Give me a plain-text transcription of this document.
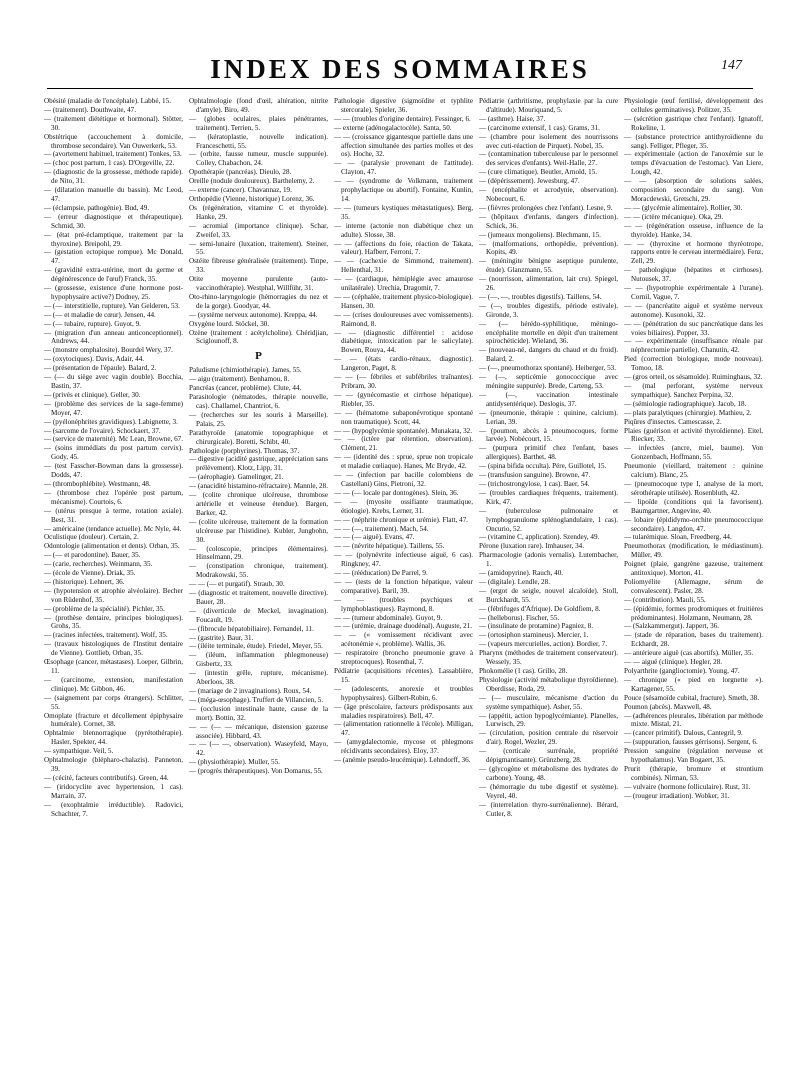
INDEX DES SOMMAIRES	147

Obésité (maladie de l'encéphale). Labbé, 15.

— (traitement). Douthwaite, 47.

— (traitement diététique et hormonal). Stötter, 30.

Obstétrique (accouchement à domicile, thrombose secondaire). Van Ouwerkerk, 53.

— (avortement habituel, traitement) Tonkes, 53.

— (choc post partum, 1 cas). D'Orgeville, 22.

— (diagnostic de la grossesse, méthode rapide). de Nito, 31.

— (dilatation manuelle du bassin). Mc Leod, 47.

— (éclampsie, pathogénie). Bud, 49.

— (erreur diagnostique et thérapeutique). Schmid, 30.

— (état pré-éclamptique, traitement par la thyroxine). Breipohl, 29.

— (gestation ectopique rompue). Mc Donald, 47.

— (gravidité extra-utérine, mort du germe et dégénérescence de l'œuf) Franck, 35.

— (grossesse, existence d'une hormone post-hypophysaire active?) Dodney, 25.

— (— interstitielle, rupture). Van Gelderen, 53.

— (— et maladie de cœur). Jensen, 44.

— (— tubaire, rupture). Guyot, 9.

— (migration d'un anneau anticonceptionnel). Andrews, 44.

— (monstre omphalosite). Bourdel Wery, 37.

— (oxytociques). Davis, Adair, 44.

— (présentation de l'épaule). Balard, 2.

— (— du siège avec vagin double). Bocchia, Bastin, 37.

— (privés et clinique). Geller, 30.

— (problème des services de la sage-femme) Moyer, 47.

— (pyélonéphrites gravidiques). Labignette, 3.

— (sarcome de l'ovaire). Schockaert, 37.

— (service de maternité). Mc Lean, Browne, 67.

— (soins immédiats du post partum cervix). Gody, 45.

— (test Fasscher-Bowman dans la grossesse). Dodds, 47.

— (thrombophlébite). Westmann, 48.

— (thrombose chez l'opérée post partum, mécanisme). Courtois, 6.

— (utérus presque à terme, rotation axiale). Best, 31.

— américaine (tendance actuelle). Mc Nyle, 44.

Oculistique (douleur). Certain, 2.

Odontologie (alimentation et dents). Orban, 35.

— (— et parodontine). Bauer, 35.

— (carie, recherches). Weinmann, 35.

— (école de Vienne). Driak, 35.

— (historique). Lehnert, 36.

— (hypotension et atrophie alvéolaire). Becher von Rüdenhof, 35.

— (problème de la spécialité). Pichler, 35.

— (prothèse dentaire, principes biologiques). Grohs, 35.

— (racines infectées, traitement). Wolf, 35.

— (travaux histologiques de l'Institut dentaire de Vienne). Gottlieb, Orban, 35.

Œsophage (cancer, métastases). Loeper, Gilbrin, 11.

— (carcinome, extension, manifestation clinique). Mc Gibbon, 46.

— (saignement par corps étrangers). Schlitter, 55.

Omoplate (fracture et décollement épiphysaire humérale). Cornet, 38.

Ophtalmie blennorragique (pyrétothérapie). Hasler, Spekter, 44.

— sympathique. Veil, 5.

Ophtalmologie (blépharo-chalazis). Panneton, 39.

— (cécité, facteurs contributifs). Green, 44.

— (iridocyclite avec hypertension, 1 cas). Marrain, 37.

— (exophtalmie irréductible). Radovici, Schachter, 7.

Ophtalmologie (fond d'œil, altération, nitrite d'amyle). Biro, 49.

— (globes oculaires, plaies pénétrantes, traitement). Terrien, 5.

— (kératoplastie, nouvelle indication). Franceschetti, 55.

— (orbite, fausse tumeur, muscle suppurée). Colley, Chabachon, 24.

Opothérapie (pancréas). Dieulo, 28.

Oreille (nodule douloureux). Barthelemy, 2.

— externe (cancer). Chavannaz, 19.

Orthopédie (Vienne, historique) Lorenz, 36.

Os (régénération, vitamine C et thyroïde). Hanke, 29.

— acromial (importance clinique). Schar, Zweifel, 33.

— semi-lunaire (luxation, traitement). Steiner, 55.

Ostéite fibreuse généralisée (traitement). Tinpe, 33.

Otite moyenne purulente (auto-vaccinothérapie). Westphal, Willführ, 31.

Oto-rhino-laryngologie (hémorragies du nez et de la gorge). Goodyar, 44.

— (système nerveux autonome). Kreppa, 44.

Oxygène lourd. Stöckel, 30.

Ozène (traitement : acétylcholine). Chéridjian, Sciglounoff, 8.

P

Paludisme (chimiothérapie). James, 55.

— aigu (traitement). Benhamou, 8.

Pancréas (cancer, problème). Clute, 44.

Parasitologie (nématodes, thérapie nouvelle, cas). Challamel, Chantriot, 6.

— (recherches sur les souris à Marseille). Palais, 25.

Parathyroïde (anatomie topographique et chirurgicale). Boretti, Schibt, 40.

Pathologie (porphyrines). Thomas, 37.

— digestive (acidité gastrique, appréciation sans prélèvement). Klotz, Lipp, 31.

— (aérophagie). Gamelinger, 21.

— (anacidité histamino-réfractaire). Mannle, 28.

— (colite chronique ulcéreuse, thrombose artérielle et veineuse étendue). Bargen, Barker, 42.

— (colite ulcéreuse, traitement de la formation ulcéreuse par l'histidine). Kubler, Jungbohn, 30.

— (coloscopie, principes élémentaires). Hinselmann, 29.

— (constipation chronique, traitement). Modrakowski, 55.

— — (— et purgatif). Straub, 30.

— (diagnostic et traitement, nouvelle directive). Bauer, 28.

— (diverticule de Meckel, invagination). Foucault, 19.

— (fibrocule hépatobiliaire). Fernandel, 11.

— (gastrite). Baur, 31.

— (iléite terminale, étude). Friedel, Meyer, 55.

— (iléum, inflammation phlegmoneuse) Gisbertz, 33.

— (intestin grêle, rupture, mécanisme). Aberloos, 38.

— (mariage de 2 invaginations). Roux, 54.

— (méga-œsophage). Truffert de Villancien, 5.

— (occlusion intestinale haute, cause de la mort). Bottin, 32.

— — (— — mécanique, distension gazeuse associée). Hibbard, 43.

— — (— —, observation). Waseyfeld, Mayo, 42.

— (physiothérapie). Muller, 55.

— (progrès thérapeutiques). Von Domarus, 55.

Pathologie digestive (sigmoïdite et typhlite stercorale). Spieler, 36.

— — (troubles d'origine dentaire). Fessinger, 6.

— externe (adénogalactocèle). Santa, 50.

— — (croissance gigantesque partielle dans une affection simultanée des parties molles et des os). Hoche, 32.

— — (paralysie provenant de l'attitude). Clayton, 47.

— — (syndrome de Volkmann, traitement prophylactique ou abortif). Fontaine, Kunlin, 14.

— — (tumeurs kystiques métastatiques). Berg, 35.

— interne (actonie non diabétique chez un adulte). Slosse, 38.

— — (affections du foie, réaction de Takata, valeur). Hafberr, Ferroni, 7.

— — (cachexie de Simmond, traitement). Hellenthal, 31.

— — (cardiaque, hémiplégie avec amaurose unilatérale). Urechia, Dragomir, 7.

— — (céphalée, traitement physico-biologique). Hansen, 30.

— — (crises douloureuses avec vomissements). Raimond, 8.

— — (diagnostic différentiel : acidose diabétique, intoxication par le salicylate). Bowen, Rouya, 44.

— — (états cardio-rénaux, diagnostic). Langeron, Paget, 8.

— — (— fébriles et subfébriles traînantes). Pribram, 30.

— — (gynécomastie et cirrhose hépatique). Riebler, 35.

— — (hématome subaponévrotique spontané non traumatique). Scott, 44.

— — (hypoglycémie spontanée). Munakata, 32.

— — (ictère par rétention, observation). Clément, 21.

— — (identité des : sprue, sprue non tropicale et maladie cœliaque). Hanes, Mc Bryde, 42.

— — (infection par bacille colombiens de Castellani) Gins, Pietroni, 32.

— — (— locale par dontogènes). Slein, 36.

— — (myosite ossifiante traumatique, étiologie). Krebs, Lerner, 31.

— — (néphrite chronique et urémie). Flatt, 47.

— — (—, traitement). Mach, 54.

— — (— aiguë). Evans, 47.

— — (névrite hépatique). Taillens, 55.

— — (polynévrite infectieuse aiguë, 6 cas). Ringkney, 47.

— — (rééducation) De Parrel, 9.

— — (tests de la fonction hépatique, valeur comparative). Baril, 39.

— — (troubles psychiques et lymphoblastiques). Raymond, 8.

— — (tumeur abdominale). Guyot, 9.

— — (urémie, drainage duodénal). Auguste, 21.

— — (« vomissement récidivant avec acétonémie », problème). Wallis, 36.

— respiratoire (broncho pneumonie grave à streptocoques). Rosenthal, 7.

Pédiatrie (acquisitions récentes). Lassablière, 15.

— (adolescents, anorexie et troubles hypophysaires). Gilbert-Robin, 6.

— (âge préscolaire, facteurs prédisposants aux maladies respiratoires). Bell, 47.

— (alimentation rationnelle à l'école). Milligan, 47.

— (amygdalectomie, mycose et phlegmons récidivants secondaires). Eloy, 37.

— (anémie pseudo-leucémique). Lehndorff, 36.

Pédiatrie (arthritisme, prophylaxie par la cure d'altitude). Mouriquand, 5.

— (asthme). Haise, 37.

— (carcinome extensif, 1 cas). Grams, 31.

— (chambre pour isolement des nourrissons avec cuti-réaction de Pirquet). Nobel, 35.

— (contamination tuberculeuse par le personnel des services d'enfants). Weil-Halle, 27.

— (cure climatique). Beutler, Arnold, 15.

— (dépérissement). Jewesburg, 47.

— (encéphalite et acrodynie, observation). Nobecourt, 6.

— (fièvres prolongées chez l'enfant). Lesne, 9.

— (hôpitaux d'enfants, dangers d'infection). Schick, 36.

— (jumeaux mongoliens). Blechmann, 15.

— (malformations, orthopédie, prévention). Kopits, 49.

— (méningite bénigne aseptique purulente, étude). Glanzmann, 55.

— (nourrisson, alimentation, lait cru). Spiegel, 26.

— (—, —, troubles digestifs). Taillens, 54.

— (—, troubles digestifs, période estivale). Gironde, 3.

— (— hérédo-syphilitique, méningo-encéphalite mortelle en dépit d'un traitement spirochéticide). Wieland, 36.

— (nouveau-né, dangers du chaud et du froid). Balard, 2.

— (—, pneumothorax spontané). Heiberger, 53.

— (—, septicémie gonococcique avec méningite suppurée). Brede, Carteng, 53.

— (—, vaccination intestinale antidysentérique). Deslogis, 37.

— (pneumonie, thérapie : quinine, calcium). Lerian, 39.

— (poumon, abcès à pneumocoques, forme larvée). Nobécourt, 15.

— (purpura primitif chez l'enfant, bases allergiques). Barthet, 48.

— (spina bifida occulta). Pére, Guillotel, 15.

— (transfusion sanguine). Browne, 47.

— (trichostrongylose, 1 cas). Baer, 54.

— (troubles cardiaques fréquents, traitement). Kirk, 47.

— (tuberculose pulmonaire et lymphogranulome splénoglandulaire, 1 cas). Oncurio, 52.

— (vitamine C, application). Szendey, 49.

Pérone (luxation rare). Imhauser, 34.

Pharmacologie (adonis vernalis). Lutembacher, 1.

— (amidopyrine). Rauch, 40.

— (digitale). Lendle, 28.

— (ergot de seigle, nouvel alcaloïde). Stoll, Burckhardt, 55.

— (fébrifuges d'Afrique). De Goldfiem, 8.

— (helleborus). Fischer, 55.

— (insulinate de protamine) Pagniez, 8.

— (ortosiphon stamineus). Mercier, 1.

— (vapeurs mercurielles, action). Bordier, 7.

Pharynx (méthodes de traitement conservateur). Wessely, 35.

Phokomélie (1 cas). Grillo, 28.

Physiologie (activité métabolique thyroïdienne). Oberdisse, Roda, 29.

— (— musculaire, mécanisme d'action du système sympathique). Asher, 55.

— (appétit, action hypoglycémiante). Planelles, Lurwisch, 29.

— (circulation, position centrale du réservoir d'air). Rogel, Wezler, 29.

— (corticale surrénale, propriété dépigmantisante). Grünzberg, 28.

— (glycogène et métabolisme des hydrates de carbone). Young, 48.

— (hémorragie du tube digestif et système). Veyrel, 40.

— (interrelation thyro-surrénalienne). Bérard, Cutler, 8.

Physiologie (œuf fertilisé, développement des cellules germinatives). Politzer, 35.

— (sécrétion gastrique chez l'enfant). Ignatoff, Rokeline, 1.

— (substance protectrice antithyroïdienne du sang). Felliger, Pfleger, 35.

— expérimentale (action de l'anoxémie sur le temps d'évacuation de l'estomac). Van Liere, Lough, 42.

— — (absorption de solutions salées, composition secondaire du sang). Von Moracdewski, Gretschi, 29.

— — (glycémie alimentaire). Rollier, 30.

— — (ictère mécanique). Oka, 29.

— — (régénération osseuse, influence de la thyroïde). Hanke, 34.

— — (thyroxine et hormone thyréotrope, rapports entre le cerveau intermédiaire). Fenz, Zell, 29.

— pathologique (hépatites et cirrhoses). Nutousek, 37.

— — (hypotrophie expérimentale à l'urane). Cornil, Vague, 7.

— — (pancréatite aiguë et système nerveux autonome). Kusonoki, 32.

— — (pénétration du suc pancréatique dans les voies biliaires). Popper, 33.

— — expérimentale (insuffisance rénale par néphrectomie partielle). Chanutin, 42.

Pied (correction biologique, mode nouveau). Tomoo, 18.

— (gros orteil, os sésamoïde). Ruiminghaus, 32.

— (mal perforant, système nerveux sympathique). Sanchez Perpina, 32.

— (sémiologie radiographique). Jacob, 18.

— plats paralytiques (chirurgie). Mathieu, 2.

Piqûres d'insectes. Camescasse, 2.

Plaies (guérison et activité thyroïdienne). Eitel, Riecker, 33.

— infectées (ancre, miel, baume). Von Gonzenbach, Hoffmann, 55.

Pneumonie (vieillard, traitement : quinine calcium). Blanc, 25.

— (pneumocoque type I, analyse de la mort, sérothérapie utilisée). Rosenbluth, 42.

— lipoïde (conditions qui la favorisent). Baumgartner, Angevine, 40.

— lobaire (épididymo-orchite pneumococcique secondaire). Langdon, 47.

— tularémique. Sloan, Freedberg, 44.

Pneumothorax (modification, le médiastinum). Müller, 49.

Poignet (plaie, gangrène gazeuse, traitement antitoxique). Morton, 41.

Poliomyélite (Allemagne, sérum de convalescent). Pasler, 28.

— (contribution). Mauli, 55.

— (épidémie, formes prodromiques et fruitières prédominantes). Holzmann, Neumann, 28.

— (Salzkammergut). Jappert, 36.

— (stade de réparation, bases du traitement). Eckhardt, 28.

— antérieure aiguë (cas abortifs). Müller, 35.

— — aiguë (clinique). Hegler, 28.

Polyarthrite (ganglioctomie). Young, 47.

— chronique (« pied en lorgnette »). Kartagener, 55.

Pouce (sésamoïde cubital, fracture). Smeth, 38.

Poumon (abcès). Maxwell, 48.

— (adhérences pleurales, libération par méthode mixte. Mistal, 21.

— (cancer primitif). Dalous, Cantegril, 9.

— (suppuration, fausses gérrisons). Sergent, 6.

Pression sanguine (régulation nerveuse et hypothalamus). Van Bogaert, 35.

Prurit (thérapie, bromure et strontium combinés). Nirman, 53.

— vulvaire (hormone folliculaire). Rust, 31.

— (rougeur irradiation). Wobker, 31.
